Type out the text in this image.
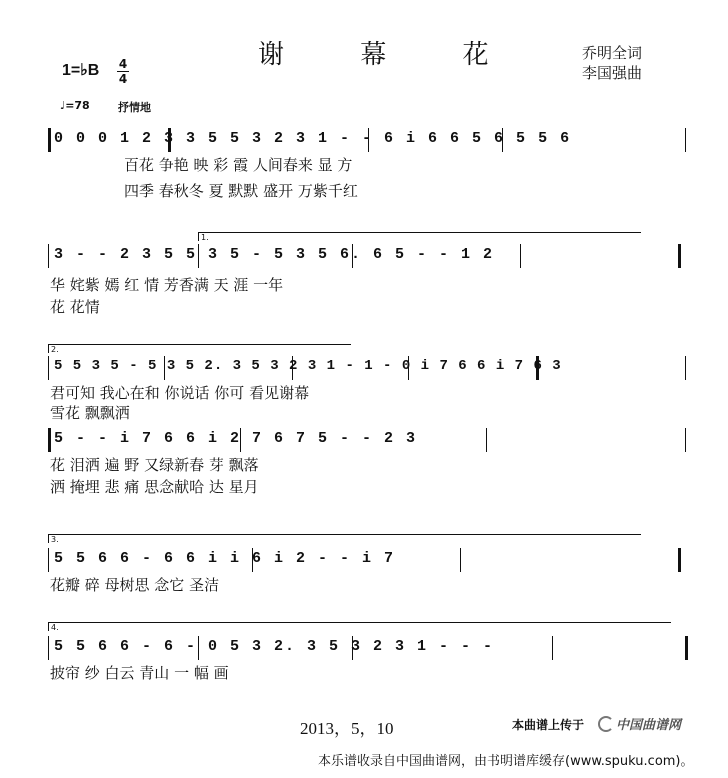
谢 幕 花	乔明全词
李国强曲
1=♭B 4
4
♩=78	抒情地
0 0 0 1 2 3 3 5 5 3 2 3 1 - - 6 i 6 6 5 6 5 5 6
百花 争艳 映 彩 霞 人间春来 显 方
四季 春秋冬 夏 默默 盛开 万紫千红
1.
3 - - 2 3 5 5 3 5 - 5 3 5 6. 6 5 - - 1 2
华 姹紫 嫣 红 情 芳香满 天 涯 一年
花 花情
2.
5 5 3 5 - 5 3 5 2. 3 5 3 2 3 1 - 1 - 0 i 7 6 6 i 7 6 3
君可知 我心在和 你说话 你可 看见谢幕
雪花 飘飘洒
5 - - i 7 6 6 i 2 7 6 7 5 - - 2 3
花 泪洒 遍 野 又绿新春 芽 飘落
洒 掩埋 悲 痛 思念献哈 达 星月
3.
5 5 6 6 - 6 6 i i 6 i 2 - - i 7
花瓣 碎 母树思 念它 圣洁
4.
5 5 6 6 - 6 - 0 5 3 2. 3 5 3 2 3 1 - - -
披帘 纱 白云 青山 一 幅 画
2013，5，10	本曲谱上传于 中国曲谱网
本乐谱收录自中国曲谱网，由书明谱库缓存(www.spuku.com)。
